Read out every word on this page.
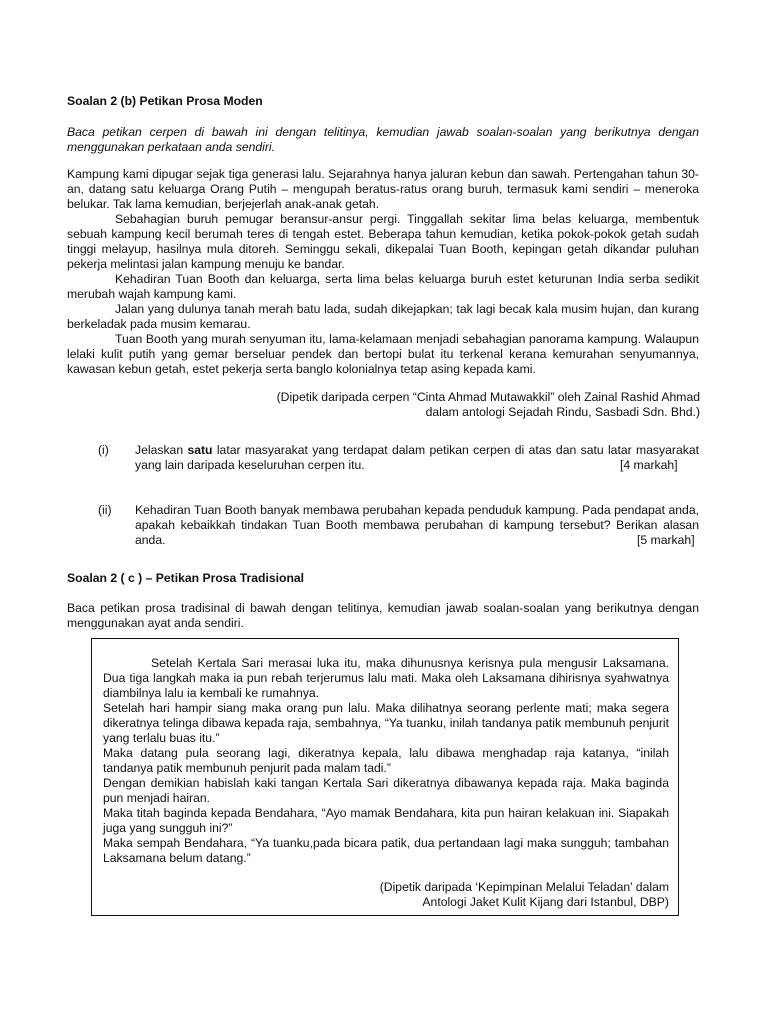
Soalan 2 (b) Petikan Prosa Moden
Baca petikan cerpen di bawah ini dengan telitinya, kemudian jawab soalan-soalan yang berikutnya dengan menggunakan perkataan anda sendiri.

Kampung kami dipugar sejak tiga generasi lalu. Sejarahnya hanya jaluran kebun dan sawah. Pertengahan tahun 30-an, datang satu keluarga Orang Putih – mengupah beratus-ratus orang buruh, termasuk kami sendiri – meneroka belukar. Tak lama kemudian, berjejerlah anak-anak getah.

Sebahagian buruh pemugar beransur-ansur pergi. Tinggallah sekitar lima belas keluarga, membentuk sebuah kampung kecil berumah teres di tengah estet. Beberapa tahun kemudian, ketika pokok-pokok getah sudah tinggi melayup, hasilnya mula ditoreh. Seminggu sekali, dikepalai Tuan Booth, kepingan getah dikandar puluhan pekerja melintasi jalan kampung menuju ke bandar.

Kehadiran Tuan Booth dan keluarga, serta lima belas keluarga buruh estet keturunan India serba sedikit merubah wajah kampung kami.

Jalan yang dulunya tanah merah batu lada, sudah dikejapkan; tak lagi becak kala musim hujan, dan kurang berkeladak pada musim kemarau.

Tuan Booth yang murah senyuman itu, lama-kelamaan menjadi sebahagian panorama kampung. Walaupun lelaki kulit putih yang gemar berseluar pendek dan bertopi bulat itu terkenal kerana kemurahan senyumannya, kawasan kebun getah, estet pekerja serta banglo kolonialnya tetap asing kepada kami.

(Dipetik daripada cerpen “Cinta Ahmad Mutawakkil” oleh Zainal Rashid Ahmad
dalam antologi Sejadah Rindu, Sasbadi Sdn. Bhd.)
(i) Jelaskan satu latar masyarakat yang terdapat dalam petikan cerpen di atas dan satu latar masyarakat yang lain daripada keseluruhan cerpen itu.	[4 markah]
(ii) Kehadiran Tuan Booth banyak membawa perubahan kepada penduduk kampung. Pada pendapat anda, apakah kebaikkah tindakan Tuan Booth membawa perubahan di kampung tersebut? Berikan alasan anda.	[5 markah]
Soalan 2 ( c ) – Petikan Prosa Tradisional
Baca petikan prosa tradisinal di bawah dengan telitinya, kemudian jawab soalan-soalan yang berikutnya dengan menggunakan ayat anda sendiri.

Setelah Kertala Sari merasai luka itu, maka dihunusnya kerisnya pula mengusir Laksamana. Dua tiga langkah maka ia pun rebah terjerumus lalu mati. Maka oleh Laksamana dihirisnya syahwatnya diambilnya lalu ia kembali ke rumahnya.

Setelah hari hampir siang maka orang pun lalu. Maka dilihatnya seorang perlente mati; maka segera dikeratnya telinga dibawa kepada raja, sembahnya, “Ya tuanku, inilah tandanya patik membunuh penjurit yang terlalu buas itu.”

Maka datang pula seorang lagi, dikeratnya kepala, lalu dibawa menghadap raja katanya, “inilah tandanya patik membunuh penjurit pada malam tadi.”

Dengan demikian habislah kaki tangan Kertala Sari dikeratnya dibawanya kepada raja. Maka baginda pun menjadi hairan.

Maka titah baginda kepada Bendahara, “Ayo mamak Bendahara, kita pun hairan kelakuan ini. Siapakah juga yang sungguh ini?”

Maka sempah Bendahara, “Ya tuanku,pada bicara patik, dua pertandaan lagi maka sungguh; tambahan Laksamana belum datang.”

(Dipetik daripada ‘Kepimpinan Melalui Teladan’ dalam
Antologi Jaket Kulit Kijang dari Istanbul, DBP)
